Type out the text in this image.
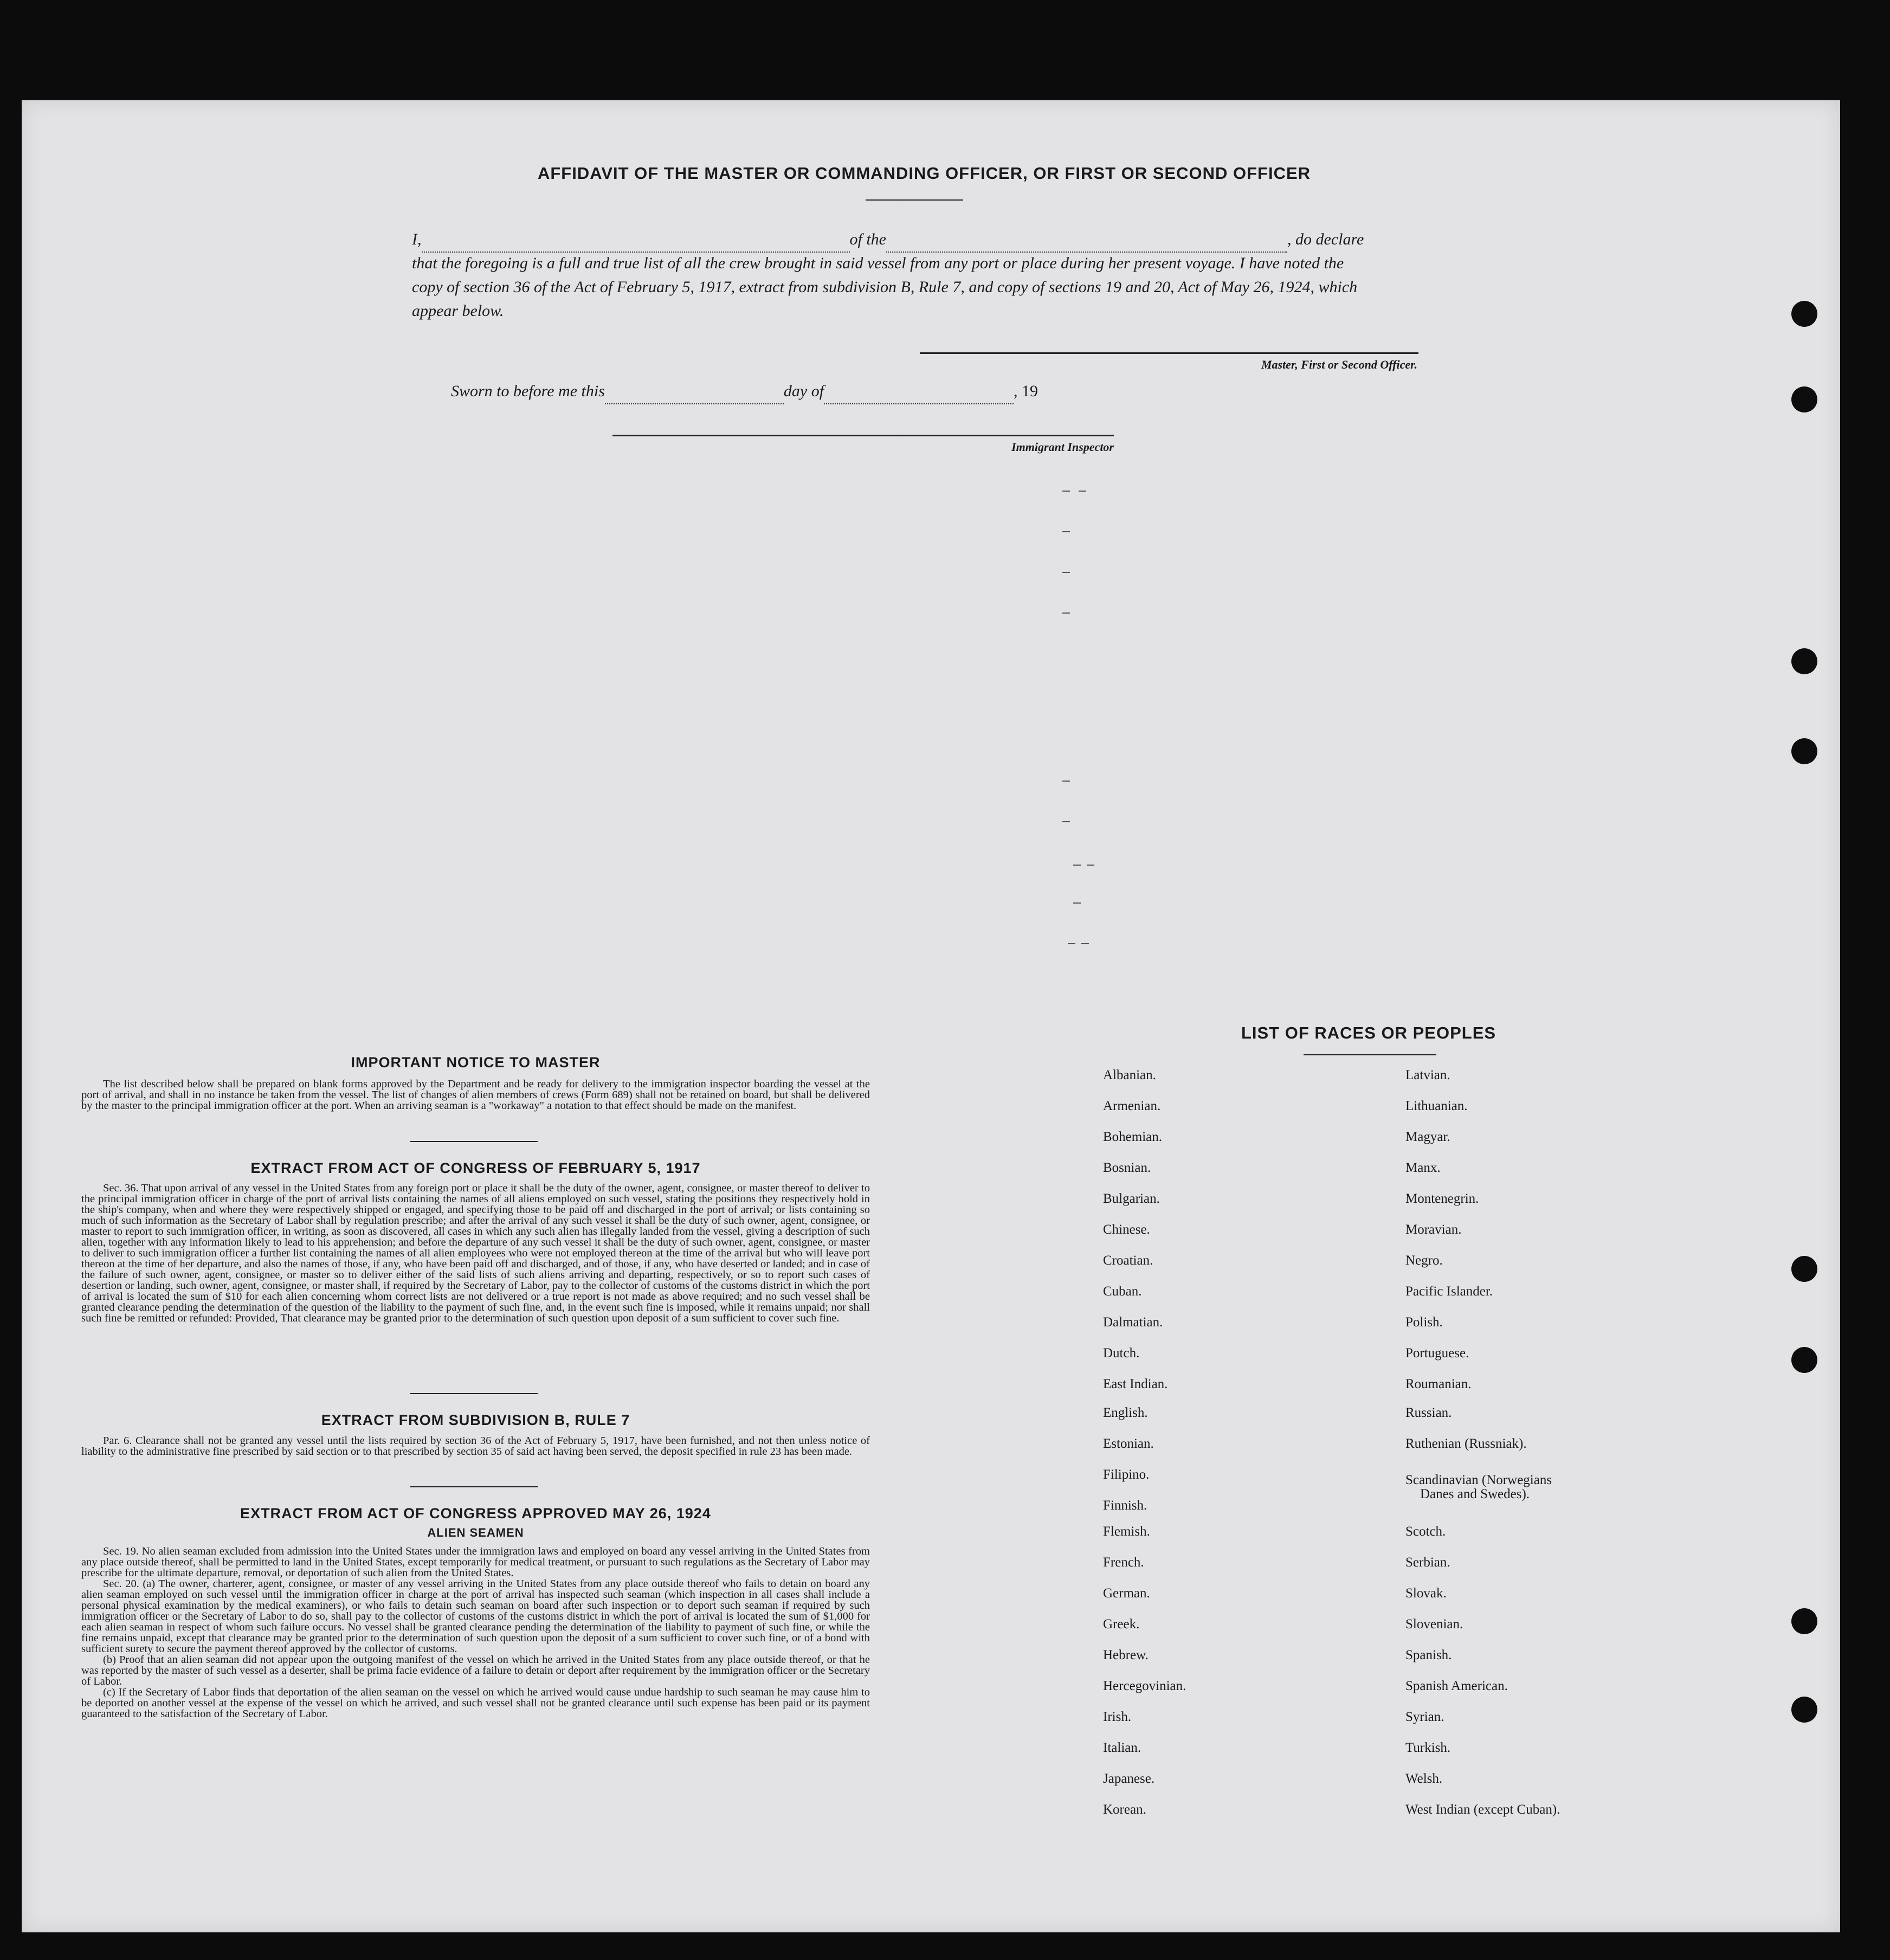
AFFIDAVIT OF THE MASTER OR COMMANDING OFFICER, OR FIRST OR SECOND OFFICER
I,	of the	, do declare
that the foregoing is a full and true list of all the crew brought in said vessel from any port or place during her present voyage. I have noted the
copy of section 36 of the Act of February 5, 1917, extract from subdivision B, Rule 7, and copy of sections 19 and 20, Act of May 26, 1924, which
appear below.
Master, First or Second Officer.
Sworn to before me this	day of	, 19
Immigrant Inspector
IMPORTANT NOTICE TO MASTER
The list described below shall be prepared on blank forms approved by the Department and be ready for delivery to the immigration inspector boarding the vessel at the port of arrival, and shall in no instance be taken from the vessel. The list of changes of alien members of crews (Form 689) shall not be retained on board, but shall be delivered by the master to the principal immigration officer at the port. When an arriving seaman is a "workaway" a notation to that effect should be made on the manifest.
EXTRACT FROM ACT OF CONGRESS OF FEBRUARY 5, 1917
Sec. 36. That upon arrival of any vessel in the United States from any foreign port or place it shall be the duty of the owner, agent, consignee, or master thereof to deliver to the principal immigration officer in charge of the port of arrival lists containing the names of all aliens employed on such vessel, stating the positions they respectively hold in the ship's company, when and where they were respectively shipped or engaged, and specifying those to be paid off and discharged in the port of arrival; or lists containing so much of such information as the Secretary of Labor shall by regulation prescribe; and after the arrival of any such vessel it shall be the duty of such owner, agent, consignee, or master to report to such immigration officer, in writing, as soon as discovered, all cases in which any such alien has illegally landed from the vessel, giving a description of such alien, together with any information likely to lead to his apprehension; and before the departure of any such vessel it shall be the duty of such owner, agent, consignee, or master to deliver to such immigration officer a further list containing the names of all alien employees who were not employed thereon at the time of the arrival but who will leave port thereon at the time of her departure, and also the names of those, if any, who have been paid off and discharged, and of those, if any, who have deserted or landed; and in case of the failure of such owner, agent, consignee, or master so to deliver either of the said lists of such aliens arriving and departing, respectively, or so to report such cases of desertion or landing, such owner, agent, consignee, or master shall, if required by the Secretary of Labor, pay to the collector of customs of the customs district in which the port of arrival is located the sum of $10 for each alien concerning whom correct lists are not delivered or a true report is not made as above required; and no such vessel shall be granted clearance pending the determination of the question of the liability to the payment of such fine, and, in the event such fine is imposed, while it remains unpaid; nor shall such fine be remitted or refunded: Provided, That clearance may be granted prior to the determination of such question upon deposit of a sum sufficient to cover such fine.
EXTRACT FROM SUBDIVISION B, RULE 7
Par. 6. Clearance shall not be granted any vessel until the lists required by section 36 of the Act of February 5, 1917, have been furnished, and not then unless notice of liability to the administrative fine prescribed by said section or to that prescribed by section 35 of said act having been served, the deposit specified in rule 23 has been made.
EXTRACT FROM ACT OF CONGRESS APPROVED MAY 26, 1924
ALIEN SEAMEN

Sec. 19. No alien seaman excluded from admission into the United States under the immigration laws and employed on board any vessel arriving in the United States from any place outside thereof, shall be permitted to land in the United States, except temporarily for medical treatment, or pursuant to such regulations as the Secretary of Labor may prescribe for the ultimate departure, removal, or deportation of such alien from the United States.

Sec. 20. (a) The owner, charterer, agent, consignee, or master of any vessel arriving in the United States from any place outside thereof who fails to detain on board any alien seaman employed on such vessel until the immigration officer in charge at the port of arrival has inspected such seaman (which inspection in all cases shall include a personal physical examination by the medical examiners), or who fails to detain such seaman on board after such inspection or to deport such seaman if required by such immigration officer or the Secretary of Labor to do so, shall pay to the collector of customs of the customs district in which the port of arrival is located the sum of $1,000 for each alien seaman in respect of whom such failure occurs. No vessel shall be granted clearance pending the determination of the liability to payment of such fine, or while the fine remains unpaid, except that clearance may be granted prior to the determination of such question upon the deposit of a sum sufficient to cover such fine, or of a bond with sufficient surety to secure the payment thereof approved by the collector of customs.

(b) Proof that an alien seaman did not appear upon the outgoing manifest of the vessel on which he arrived in the United States from any place outside thereof, or that he was reported by the master of such vessel as a deserter, shall be prima facie evidence of a failure to detain or deport after requirement by the immigration officer or the Secretary of Labor.

(c) If the Secretary of Labor finds that deportation of the alien seaman on the vessel on which he arrived would cause undue hardship to such seaman he may cause him to be deported on another vessel at the expense of the vessel on which he arrived, and such vessel shall not be granted clearance until such expense has been paid or its payment guaranteed to the satisfaction of the Secretary of Labor.

LIST OF RACES OR PEOPLES
Albanian.
Armenian.
Bohemian.
Bosnian.
Bulgarian.
Chinese.
Croatian.
Cuban.
Dalmatian.
Dutch.
East Indian.
English.
Estonian.
Filipino.
Finnish.
Flemish.
French.
German.
Greek.
Hebrew.
Hercegovinian.
Irish.
Italian.
Japanese.
Korean.
Latvian.
Lithuanian.
Magyar.
Manx.
Montenegrin.
Moravian.
Negro.
Pacific Islander.
Polish.
Portuguese.
Roumanian.
Russian.
Ruthenian (Russniak).
Scandinavian (Norwegians
Danes and Swedes).
Scotch.
Serbian.
Slovak.
Slovenian.
Spanish.
Spanish American.
Syrian.
Turkish.
Welsh.
West Indian (except Cuban).
